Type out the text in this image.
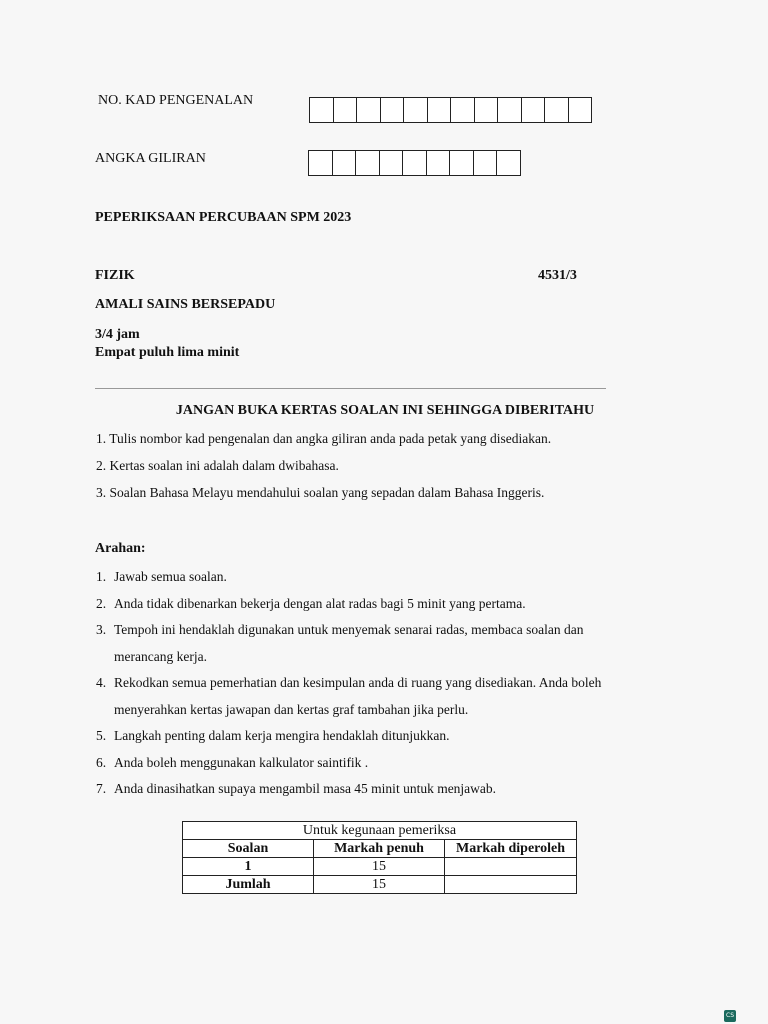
NO. KAD PENGENALAN
ANGKA GILIRAN
PEPERIKSAAN PERCUBAAN SPM 2023
FIZIK	4531/3
AMALI SAINS BERSEPADU
3/4 jam
Empat puluh lima minit
JANGAN BUKA KERTAS SOALAN INI SEHINGGA DIBERITAHU
1. Tulis nombor kad pengenalan dan angka giliran anda pada petak yang disediakan.
2. Kertas soalan ini adalah dalam dwibahasa.
3. Soalan Bahasa Melayu mendahului soalan yang sepadan dalam Bahasa Inggeris.
Arahan:
1. Jawab semua soalan.
2. Anda tidak dibenarkan bekerja dengan alat radas bagi 5 minit yang pertama.
3. Tempoh ini hendaklah digunakan untuk menyemak senarai radas, membaca soalan dan
merancang kerja.
4. Rekodkan semua pemerhatian dan kesimpulan anda di ruang yang disediakan. Anda boleh
menyerahkan kertas jawapan dan kertas graf tambahan jika perlu.
5. Langkah penting dalam kerja mengira hendaklah ditunjukkan.
6. Anda boleh menggunakan kalkulator saintifik .
7. Anda dinasihatkan supaya mengambil masa 45 minit untuk menjawab.
Untuk kegunaan pemeriksa		
Soalan	Markah penuh	Markah diperoleh
1	15	
Jumlah	15	
CS
